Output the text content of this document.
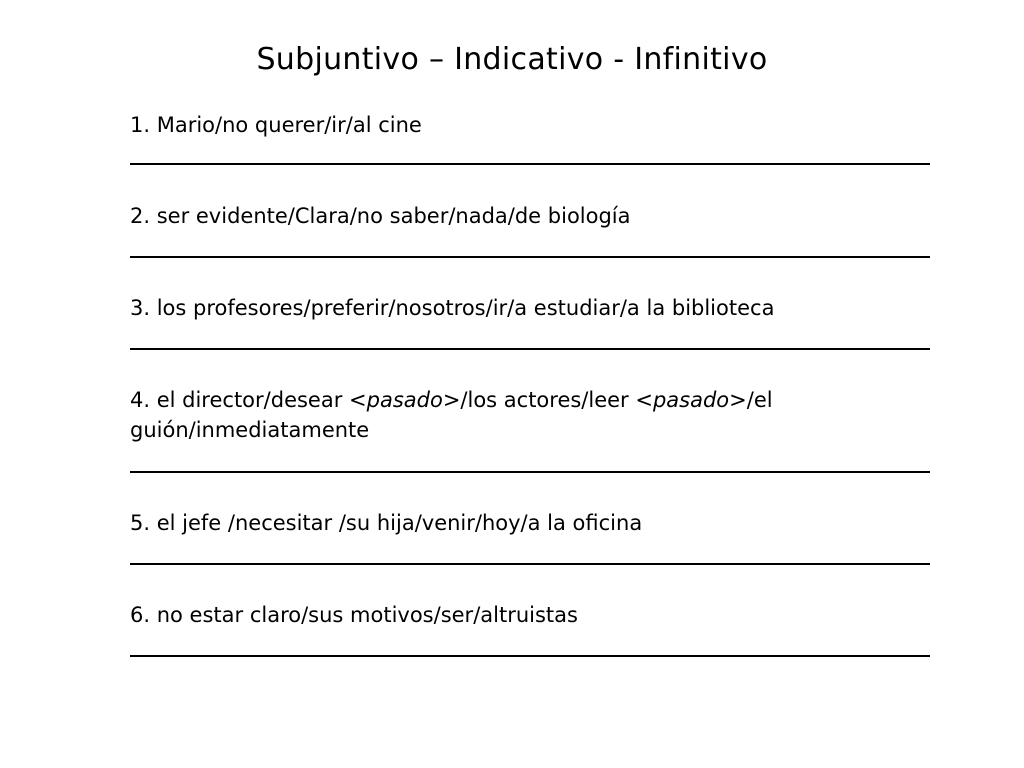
Subjuntivo – Indicativo - Infinitivo
1. Mario/no querer/ir/al cine
2. ser evidente/Clara/no saber/nada/de biología
3. los profesores/preferir/nosotros/ir/a estudiar/a la biblioteca
4. el director/desear <pasado>/los actores/leer <pasado>/el guión/inmediatamente
5. el jefe /necesitar /su hija/venir/hoy/a la oficina
6. no estar claro/sus motivos/ser/altruistas
